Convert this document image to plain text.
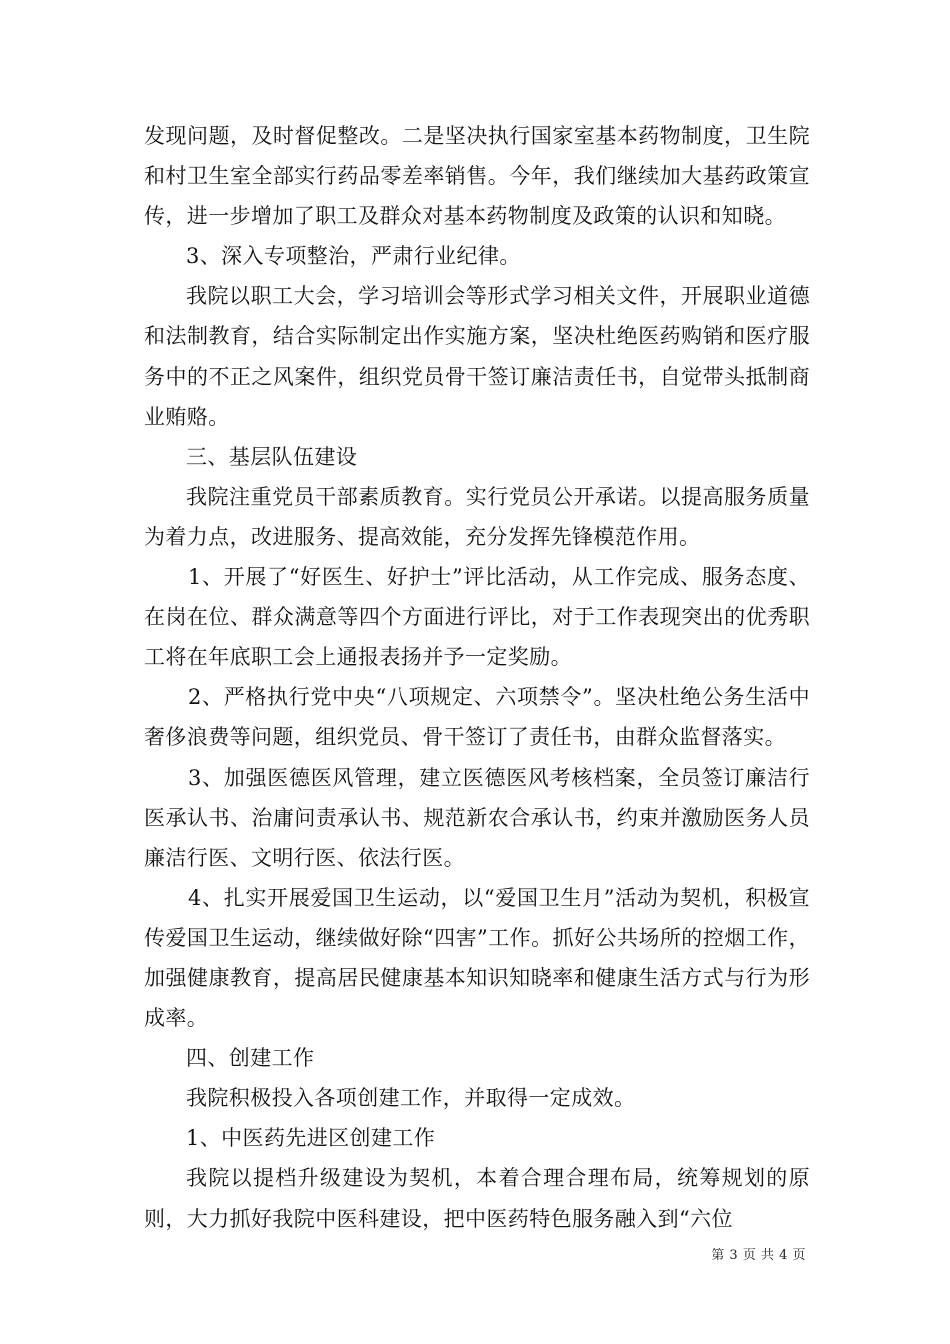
发现问题，及时督促整改。二是坚决执行国家室基本药物制度，卫生院和村卫生室全部实行药品零差率销售。今年，我们继续加大基药政策宣传，进一步增加了职工及群众对基本药物制度及政策的认识和知晓。

3、深入专项整治，严肃行业纪律。

我院以职工大会，学习培训会等形式学习相关文件，开展职业道德和法制教育，结合实际制定出作实施方案，坚决杜绝医药购销和医疗服务中的不正之风案件，组织党员骨干签订廉洁责任书，自觉带头抵制商业贿赂。

三、基层队伍建设

我院注重党员干部素质教育。实行党员公开承诺。以提高服务质量为着力点，改进服务、提高效能，充分发挥先锋模范作用。

1、开展了“好医生、好护士”评比活动，从工作完成、服务态度、在岗在位、群众满意等四个方面进行评比，对于工作表现突出的优秀职工将在年底职工会上通报表扬并予一定奖励。

2、严格执行党中央“八项规定、六项禁令”。坚决杜绝公务生活中奢侈浪费等问题，组织党员、骨干签订了责任书，由群众监督落实。

3、加强医德医风管理，建立医德医风考核档案，全员签订廉洁行医承认书、治庸问责承认书、规范新农合承认书，约束并激励医务人员廉洁行医、文明行医、依法行医。

4、扎实开展爱国卫生运动，以“爱国卫生月”活动为契机，积极宣传爱国卫生运动，继续做好除“四害”工作。抓好公共场所的控烟工作，加强健康教育，提高居民健康基本知识知晓率和健康生活方式与行为形成率。

四、创建工作

我院积极投入各项创建工作，并取得一定成效。

1、中医药先进区创建工作

我院以提档升级建设为契机，本着合理合理布局，统筹规划的原则，大力抓好我院中医科建设，把中医药特色服务融入到“六位

第 3 页 共 4 页
